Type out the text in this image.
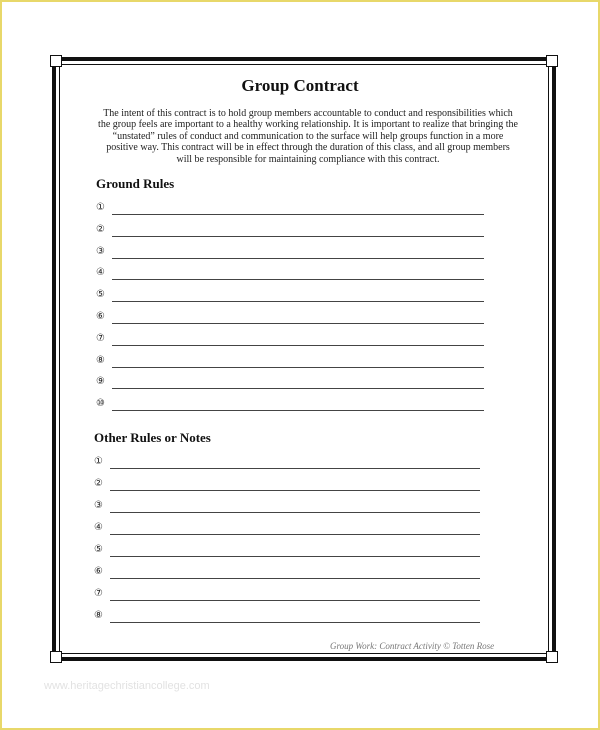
Group Contract
The intent of this contract is to hold group members accountable to conduct and responsibilities which the group feels are important to a healthy working relationship. It is important to realize that bringing the “unstated” rules of conduct and communication to the surface will help groups function in a more positive way. This contract will be in effect through the duration of this class, and all group members will be responsible for maintaining compliance with this contract.
Ground Rules
①
②
③
④
⑤
⑥
⑦
⑧
⑨
⑩
Other Rules or Notes
①
②
③
④
⑤
⑥
⑦
⑧
Group Work: Contract Activity © Totten Rose
www.heritagechristiancollege.com
